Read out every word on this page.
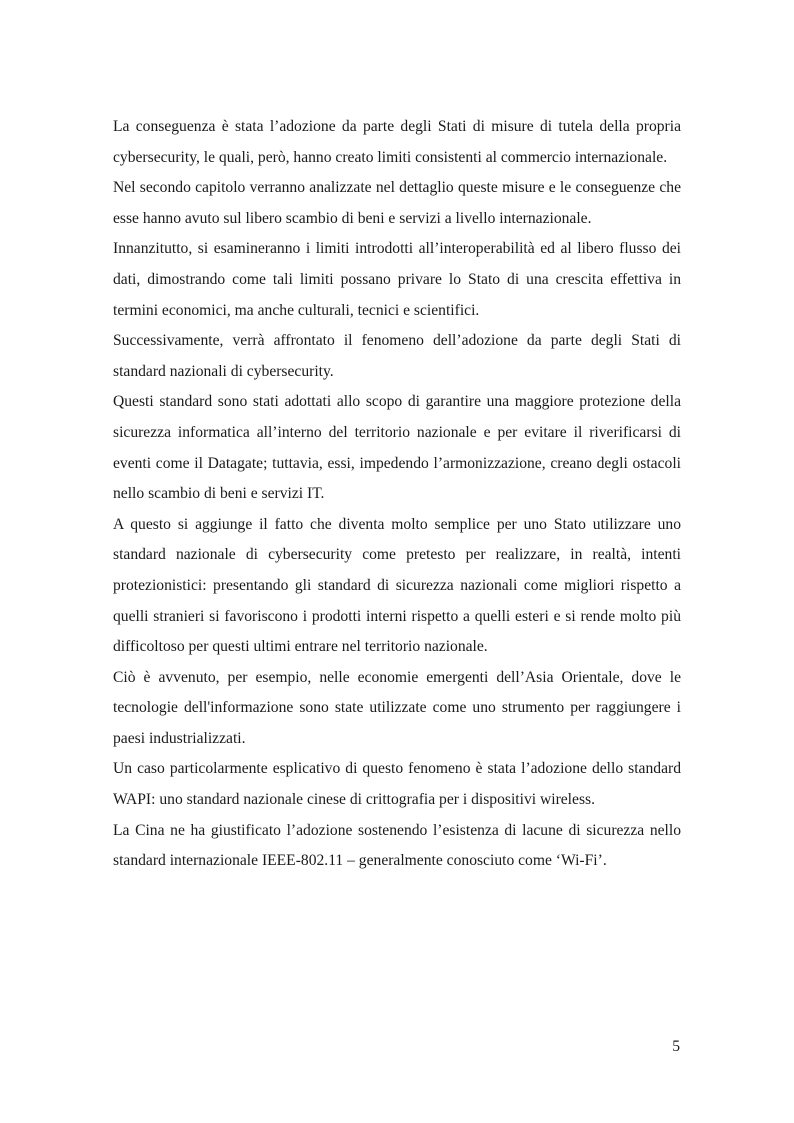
La conseguenza è stata l’adozione da parte degli Stati di misure di tutela della propria cybersecurity, le quali, però, hanno creato limiti consistenti al commercio internazionale.

Nel secondo capitolo verranno analizzate nel dettaglio queste misure e le conseguenze che esse hanno avuto sul libero scambio di beni e servizi a livello internazionale.

Innanzitutto, si esamineranno i limiti introdotti all’interoperabilità ed al libero flusso dei dati, dimostrando come tali limiti possano privare lo Stato di una crescita effettiva in termini economici, ma anche culturali, tecnici e scientifici.

Successivamente, verrà affrontato il fenomeno dell’adozione da parte degli Stati di standard nazionali di cybersecurity.

Questi standard sono stati adottati allo scopo di garantire una maggiore protezione della sicurezza informatica all’interno del territorio nazionale e per evitare il riverificarsi di eventi come il Datagate; tuttavia, essi, impedendo l’armonizzazione, creano degli ostacoli nello scambio di beni e servizi IT.

A questo si aggiunge il fatto che diventa molto semplice per uno Stato utilizzare uno standard nazionale di cybersecurity come pretesto per realizzare, in realtà, intenti protezionistici: presentando gli standard di sicurezza nazionali come migliori rispetto a quelli stranieri si favoriscono i prodotti interni rispetto a quelli esteri e si rende molto più difficoltoso per questi ultimi entrare nel territorio nazionale.

Ciò è avvenuto, per esempio, nelle economie emergenti dell’Asia Orientale, dove le tecnologie dell'informazione sono state utilizzate come uno strumento per raggiungere i paesi industrializzati.

Un caso particolarmente esplicativo di questo fenomeno è stata l’adozione dello standard WAPI: uno standard nazionale cinese di crittografia per i dispositivi wireless.

La Cina ne ha giustificato l’adozione sostenendo l’esistenza di lacune di sicurezza nello standard internazionale IEEE-802.11 – generalmente conosciuto come ‘Wi-Fi’.

5
